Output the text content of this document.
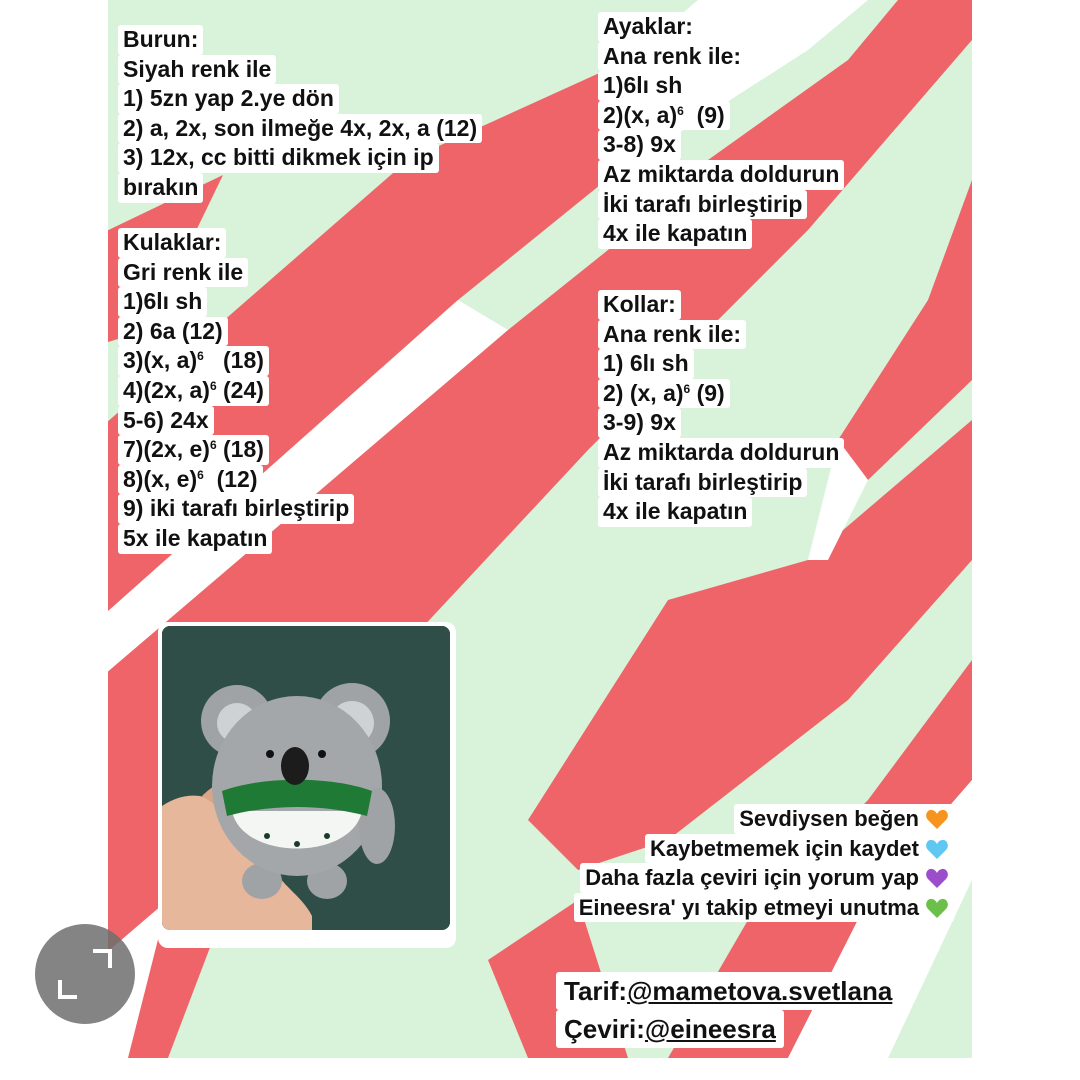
Burun:
Siyah renk ile
1) 5zn yap 2.ye dön
2) a, 2x, son ilmeğe 4x, 2x, a (12)
3) 12x, cc bitti dikmek için ip
bırakın
Kulaklar:
Gri renk ile
1)6lı sh
2) 6a (12)
3)(x, a)$^6$   (18)
4)(2x, a)$^6$ (24)
5-6) 24x
7)(2x, e)$^6$ (18)
8)(x, e)$^6$  (12)
9) iki tarafı birleştirip
5x ile kapatın
Ayaklar:
Ana renk ile:
1)6lı sh
2)(x, a)$^6$  (9)
3-8) 9x
Az miktarda doldurun
İki tarafı birleştirip
4x ile kapatın
Kollar:
Ana renk ile:
1) 6lı sh
2) (x, a)$^6$ (9)
3-9) 9x
Az miktarda doldurun
İki tarafı birleştirip
4x ile kapatın
Sevdiysen beğen
Kaybetmemek için kaydet
Daha fazla çeviri için yorum yap
Eineesra' yı takip etmeyi unutma
Tarif:@mametova.svetlana
Çeviri:@eineesra
